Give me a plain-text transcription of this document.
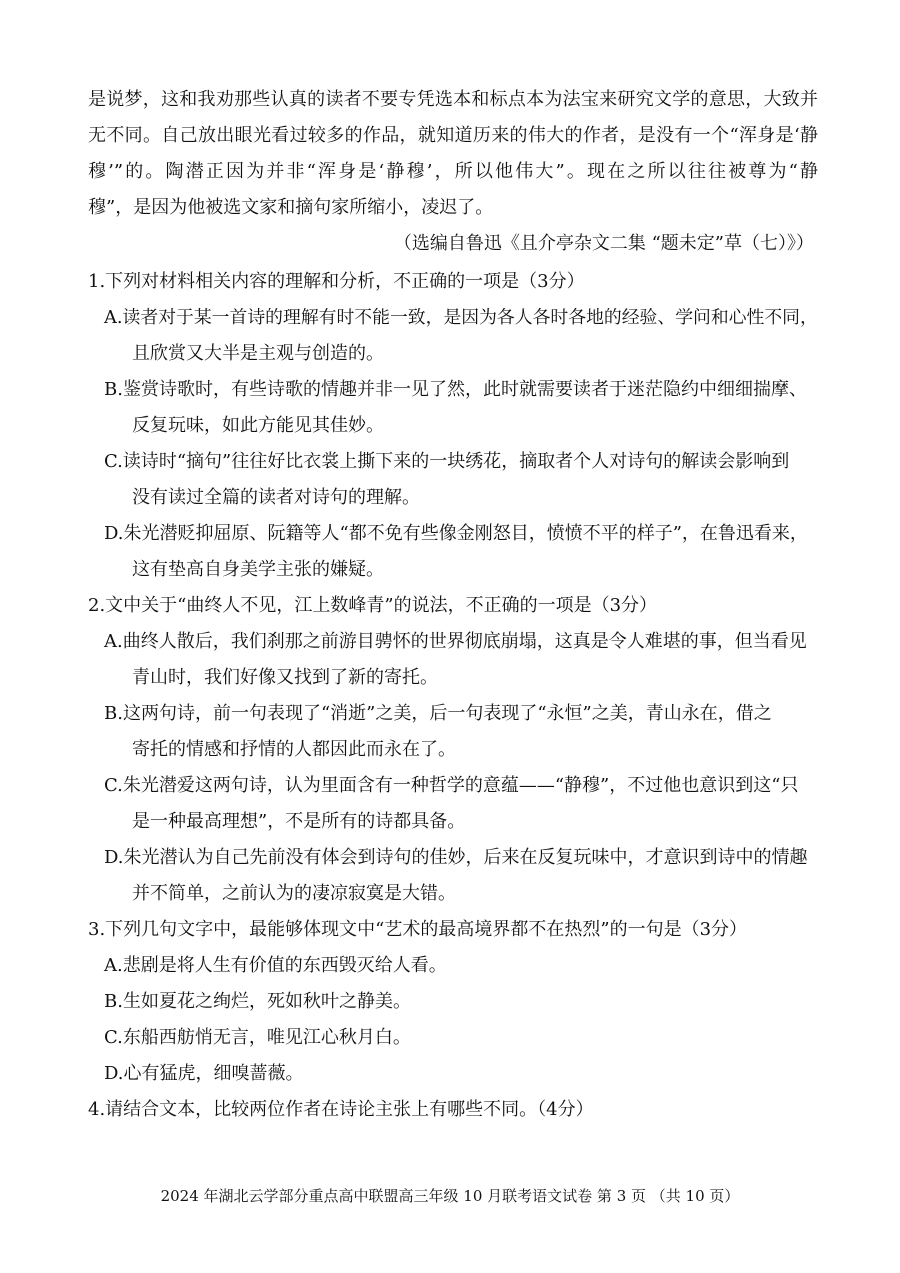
是说梦，这和我劝那些认真的读者不要专凭选本和标点本为法宝来研究文学的意思，大致并
无不同。自己放出眼光看过较多的作品，就知道历来的伟大的作者，是没有一个“浑身是‘静
穆’”的。陶潜正因为并非“浑身是‘静穆’，所以他伟大”。现在之所以往往被尊为“静
穆”，是因为他被选文家和摘句家所缩小，凌迟了。
（选编自鲁迅《且介亭杂文二集 “题未定”草（七）》）
1.下列对材料相关内容的理解和分析，不正确的一项是（3分）
A.读者对于某一首诗的理解有时不能一致，是因为各人各时各地的经验、学问和心性不同，
且欣赏又大半是主观与创造的。
B.鉴赏诗歌时，有些诗歌的情趣并非一见了然，此时就需要读者于迷茫隐约中细细揣摩、
反复玩味，如此方能见其佳妙。
C.读诗时“摘句”往往好比衣裳上撕下来的一块绣花，摘取者个人对诗句的解读会影响到
没有读过全篇的读者对诗句的理解。
D.朱光潜贬抑屈原、阮籍等人“都不免有些像金刚怒目，愤愤不平的样子”，在鲁迅看来，
这有垫高自身美学主张的嫌疑。
2.文中关于“曲终人不见，江上数峰青”的说法，不正确的一项是（3分）
A.曲终人散后，我们刹那之前游目骋怀的世界彻底崩塌，这真是令人难堪的事，但当看见
青山时，我们好像又找到了新的寄托。
B.这两句诗，前一句表现了“消逝”之美，后一句表现了“永恒”之美，青山永在，借之
寄托的情感和抒情的人都因此而永在了。
C.朱光潜爱这两句诗，认为里面含有一种哲学的意蕴——“静穆”，不过他也意识到这“只
是一种最高理想”，不是所有的诗都具备。
D.朱光潜认为自己先前没有体会到诗句的佳妙，后来在反复玩味中，才意识到诗中的情趣
并不简单，之前认为的凄凉寂寞是大错。
3.下列几句文字中，最能够体现文中“艺术的最高境界都不在热烈”的一句是（3分）
A.悲剧是将人生有价值的东西毁灭给人看。
B.生如夏花之绚烂，死如秋叶之静美。
C.东船西舫悄无言，唯见江心秋月白。
D.心有猛虎，细嗅蔷薇。
4.请结合文本，比较两位作者在诗论主张上有哪些不同。（4分）
2024 年湖北云学部分重点高中联盟高三年级 10 月联考语文试卷 第 3 页 （共 10 页）
